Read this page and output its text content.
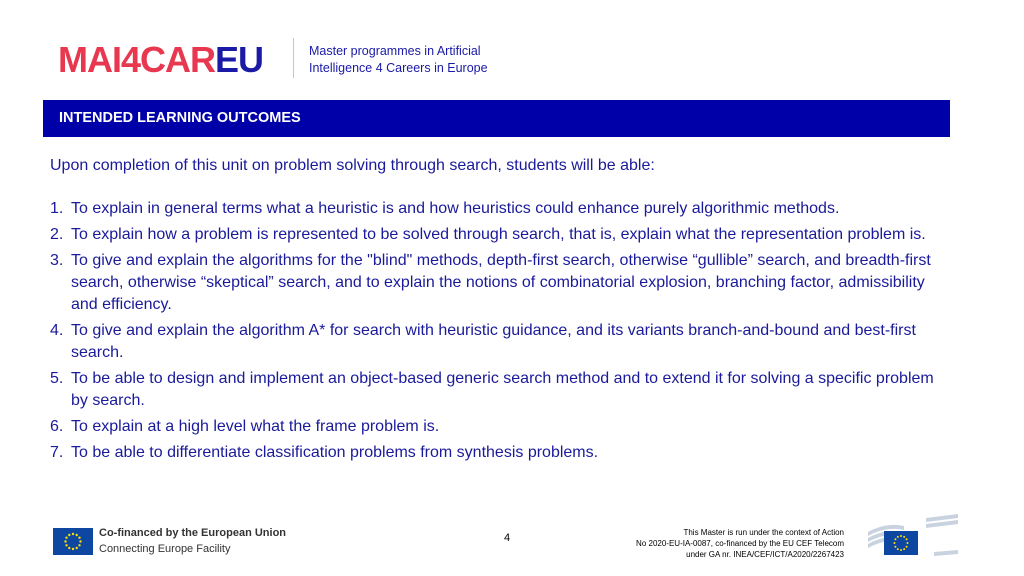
MAI4CAREU	Master programmes in Artificial
Intelligence 4 Careers in Europe
INTENDED LEARNING OUTCOMES
Upon completion of this unit on problem solving through search, students will be able:
1. To explain in general terms what a heuristic is and how heuristics could enhance purely algorithmic methods.
2. To explain how a problem is represented to be solved through search, that is, explain what the representation problem is.
3. To give and explain the algorithms for the "blind" methods, depth-first search, otherwise “gullible” search, and breadth-first search, otherwise “skeptical” search, and to explain the notions of combinatorial explosion, branching factor, admissibility and efficiency.
4. To give and explain the algorithm A* for search with heuristic guidance, and its variants branch-and-bound and best-first search.
5. To be able to design and implement an object-based generic search method and to extend it for solving a specific problem by search.
6. To explain at a high level what the frame problem is.
7. To be able to differentiate classification problems from synthesis problems.
Co-financed by the European Union
Connecting Europe Facility
4	This Master is run under the context of Action
No 2020-EU-IA-0087, co-financed by the EU CEF Telecom
under GA nr. INEA/CEF/ICT/A2020/2267423
